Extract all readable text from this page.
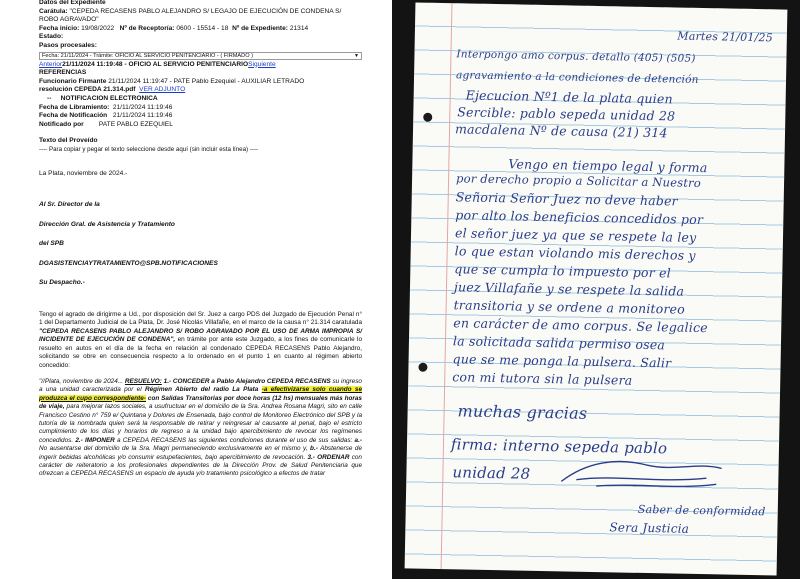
Datos del Expediente
Carátula: "CEPEDA RECASENS PABLO ALEJANDRO S/ LEGAJO DE EJECUCIÓN DE CONDENA S/ ROBO AGRAVADO"
Fecha inicio: 19/08/2022 Nº de Receptoría: 0600 - 15514 - 18 Nº de Expediente: 21314
Estado:
Pasos procesales:
Fecha: 21/11/2024 - Trámite: OFICIO AL SERVICIO PENITENCIARIO - ( FIRMADO )	▼
Anterior21/11/2024 11:19:48 - OFICIO AL SERVICIO PENITENCIARIOSiguiente
REFERENCIAS
Funcionario Firmante 21/11/2024 11:19:47 - PATE Pablo Ezequiel - AUXILIAR LETRADO
resolución CEPEDA 21.314.pdf VER ADJUNTO
--     NOTIFICACION ELECTRONICA
Fecha de Libramiento: 21/11/2024 11:19:46
Fecha de Notificación 21/11/2024 11:19:46
Notificado por PATE PABLO EZEQUIEL
Texto del Proveído
---- Para copiar y pegar el texto seleccione desde aquí (sin incluir esta línea) ----
La Plata, noviembre de 2024.-
Al Sr. Director de la
Dirección Gral. de Asistencia y Tratamiento
del SPB
DGASISTENCIAYTRATAMIENTO@SPB.NOTIFICACIONES
Su Despacho.-
Tengo el agrado de dirigirme a Ud., por disposición del Sr. Juez a cargo PDS del Juzgado de Ejecución Penal n° 1 del Departamento Judicial de La Plata, Dr. José Nicolás Villafañe, en el marco de la causa n° 21.314 caratulada "CEPEDA RECASENS PABLO ALEJANDRO S/ ROBO AGRAVADO POR EL USO DE ARMA IMPROPIA S/ INCIDENTE DE EJECUCIÓN DE CONDENA", en trámite por ante este Juzgado, a los fines de comunicarle lo resuelto en autos en el día de la fecha en relación al condenado CEPEDA RECASENS Pablo Alejandro, solicitando se obre en consecuencia respecto a lo ordenado en el punto 1 en cuanto al régimen abierto concedido:
"//Plata, noviembre de 2024... RESUELVO: 1.- CONCEDER a Pablo Alejandro CEPEDA RECASENS su ingreso a una unidad caracterizada por el Régimen Abierto del radio La Plata -a efectivizarse solo cuando se produzca el cupo correspondiente- con Salidas Transitorias por doce horas (12 hs) mensuales más horas de viaje, para mejorar lazos sociales, a usufructuar en el domicilio de la Sra. Andrea Rosana Magri, sito en calle Francisco Cestino n° 759 e/ Quintana y Dolores de Ensenada, bajo control de Monitoreo Electrónico del SPB y la tutoría de la nombrada quien será la responsable de retirar y reingresar al causante al penal, bajo el estricto cumplimiento de los días y horarios de regreso a la unidad bajo apercibimiento de revocar los regímenes concedidos. 2.- IMPONER a CEPEDA RECASENS las siguientes condiciones durante el uso de sus salidas: a.- No ausentarse del domicilio de la Sra. Magri permaneciendo exclusivamente en el mismo y, b.- Abstenerse de ingerir bebidas alcohólicas y/o consumir estupefacientes, bajo apercibimiento de revocación. 3.- ORDENAR con carácter de reiteratorio a los profesionales dependientes de la Dirección Prov. de Salud Penitenciaria que ofrezcan a CEPEDA RECASENS un espacio de ayuda y/o tratamiento psicológico a efectos de tratar
Martes 21/01/25
Interpongo amo corpus. detallo (405) (505)
agravamiento a la condiciones de detención
Ejecucion Nº1 de la plata quien
Sercible: pablo sepeda unidad 28
macdalena Nº de causa (21) 314
Vengo en tiempo legal y forma
por derecho propio a Solicitar a Nuestro
Señoria Señor Juez no deve haber
por alto los beneficios concedidos por
el señor juez ya que se respete la ley
lo que estan violando mis derechos y
que se cumpla lo impuesto por el
juez Villafañe y se respete la salida
transitoria y se ordene a monitoreo
en carácter de amo corpus. Se legalice
la solicitada salida permiso osea
que se me ponga la pulsera. Salir
con mi tutora sin la pulsera
muchas gracias
firma: interno sepeda pablo
unidad 28
Saber de conformidad
Sera Justicia
